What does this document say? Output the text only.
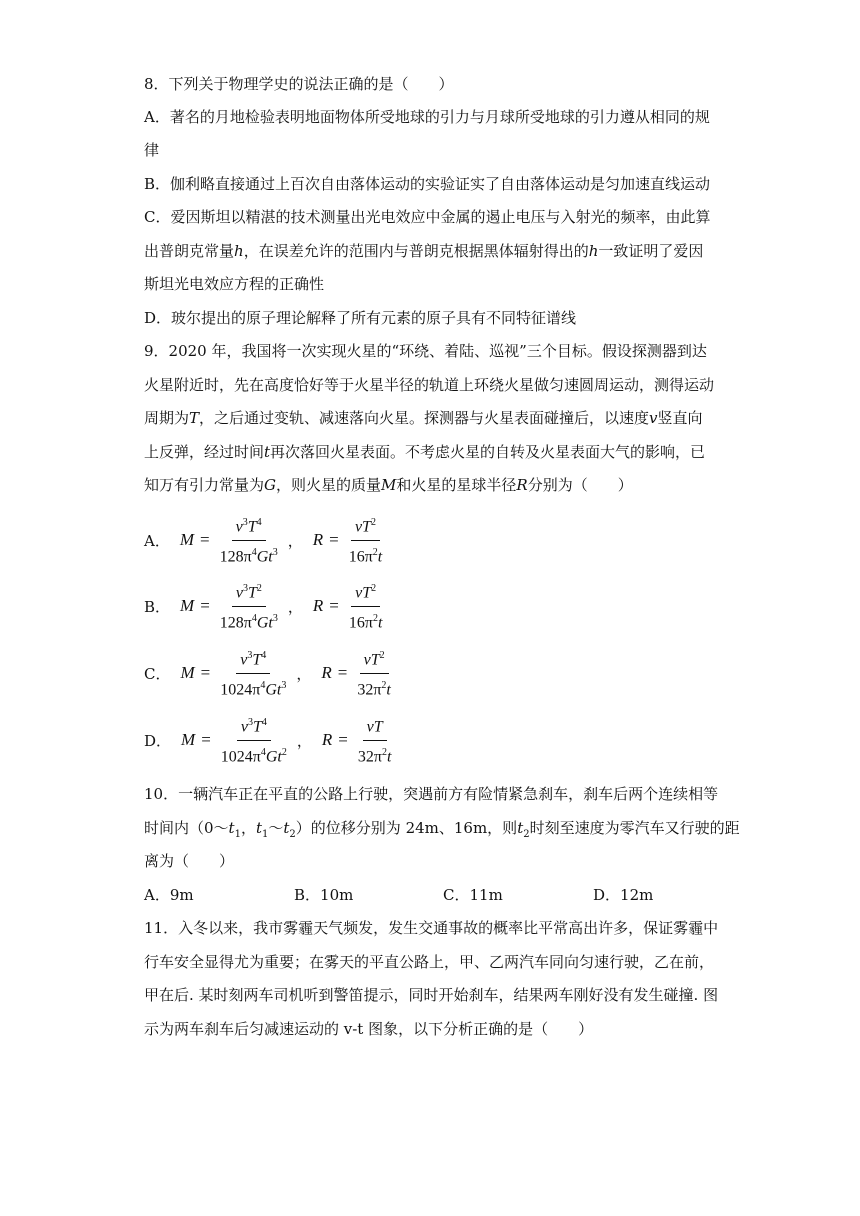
8．下列关于物理学史的说法正确的是（　　）
A．著名的月地检验表明地面物体所受地球的引力与月球所受地球的引力遵从相同的规
律
B．伽利略直接通过上百次自由落体运动的实验证实了自由落体运动是匀加速直线运动
C．爱因斯坦以精湛的技术测量出光电效应中金属的遏止电压与入射光的频率，由此算
出普朗克常量h，在误差允许的范围内与普朗克根据黑体辐射得出的h一致证明了爱因
斯坦光电效应方程的正确性
D．玻尔提出的原子理论解释了所有元素的原子具有不同特征谱线
9．2020 年，我国将一次实现火星的“环绕、着陆、巡视”三个目标。假设探测器到达
火星附近时，先在高度恰好等于火星半径的轨道上环绕火星做匀速圆周运动，测得运动
周期为T，之后通过变轨、减速落向火星。探测器与火星表面碰撞后，以速度v竖直向
上反弹，经过时间t再次落回火星表面。不考虑火星的自转及火星表面大气的影响，已
知万有引力常量为G，则火星的质量M和火星的星球半径R分别为（　　）
A． $M = \frac{v^3T^4}{128\pi^4Gt^3}$ ， $R = \frac{vT^2}{16\pi^2t}$
B． $M = \frac{v^3T^2}{128\pi^4Gt^3}$ ， $R = \frac{vT^2}{16\pi^2t}$
C． $M = \frac{v^3T^4}{1024\pi^4Gt^3}$ ， $R = \frac{vT^2}{32\pi^2t}$
D． $M = \frac{v^3T^4}{1024\pi^4Gt^2}$ ， $R = \frac{vT}{32\pi^2t}$
10．一辆汽车正在平直的公路上行驶，突遇前方有险情紧急刹车，刹车后两个连续相等
时间内（$0\sim t_1$，$t_1\sim t_2$）的位移分别为 24m、16m，则$t_2$时刻至速度为零汽车又行驶的距
离为（　　）
A．9m	B．10m	C．11m	D．12m
11．入冬以来，我市雾霾天气频发，发生交通事故的概率比平常高出许多，保证雾霾中
行车安全显得尤为重要；在雾天的平直公路上，甲、乙两汽车同向匀速行驶，乙在前，
甲在后. 某时刻两车司机听到警笛提示，同时开始刹车，结果两车刚好没有发生碰撞. 图
示为两车刹车后匀减速运动的 v-t 图象，以下分析正确的是（　　）
